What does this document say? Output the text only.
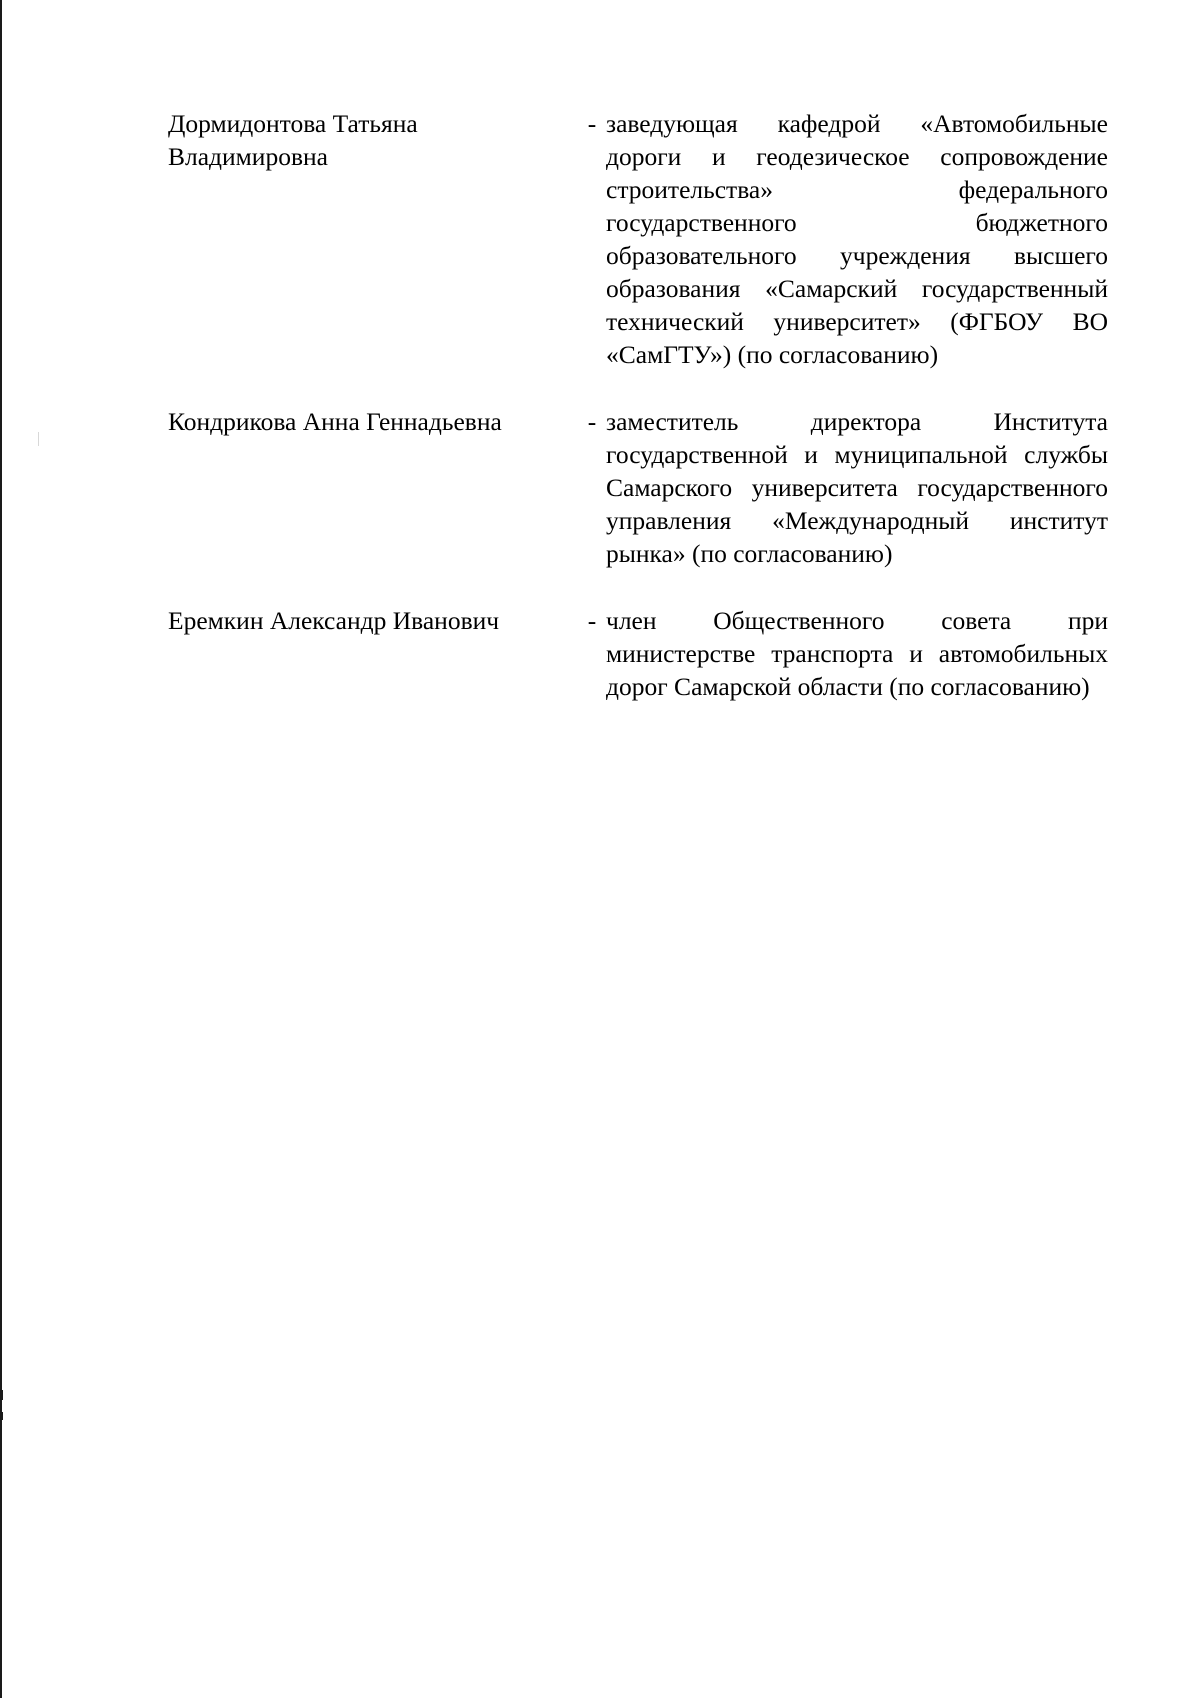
Дормидонтова Татьяна Владимировна
- заведующая кафедрой «Автомобильные дороги и геодезическое сопровождение строительства» федерального государственного бюджетного образовательного учреждения высшего образования «Самарский государственный технический университет» (ФГБОУ ВО «СамГТУ») (по согласованию)
Кондрикова Анна Геннадьевна	- заместитель директора Института государственной и муниципальной службы Самарского университета государственного управления «Международный институт рынка» (по согласованию)
Еремкин Александр Иванович	- член Общественного совета при министерстве транспорта и автомобильных дорог Самарской области (по согласованию)
